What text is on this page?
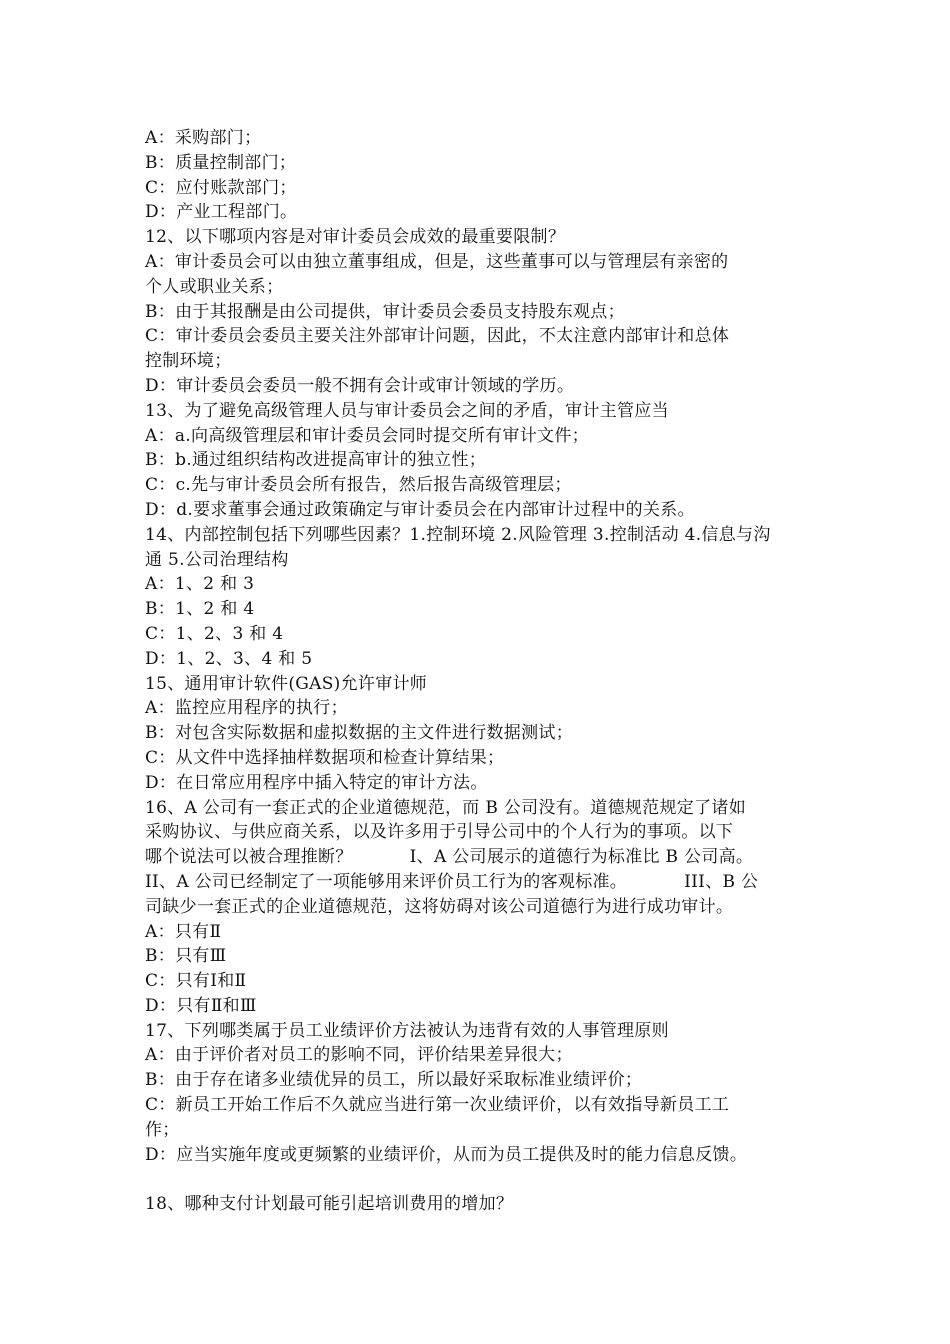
A：采购部门；

B：质量控制部门；

C：应付账款部门；

D：产业工程部门。

12、以下哪项内容是对审计委员会成效的最重要限制？

A：审计委员会可以由独立董事组成，但是，这些董事可以与管理层有亲密的

个人或职业关系；

B：由于其报酬是由公司提供，审计委员会委员支持股东观点；

C：审计委员会委员主要关注外部审计问题，因此，不太注意内部审计和总体

控制环境；

D：审计委员会委员一般不拥有会计或审计领域的学历。

13、为了避免高级管理人员与审计委员会之间的矛盾，审计主管应当

A：a.向高级管理层和审计委员会同时提交所有审计文件；

B：b.通过组织结构改进提高审计的独立性；

C：c.先与审计委员会所有报告，然后报告高级管理层；

D：d.要求董事会通过政策确定与审计委员会在内部审计过程中的关系。

14、内部控制包括下列哪些因素？1.控制环境 2.风险管理 3.控制活动 4.信息与沟

通 5.公司治理结构

A：1、2 和 3

B：1、2 和 4

C：1、2、3 和 4

D：1、2、3、4 和 5

15、通用审计软件(GAS)允许审计师

A：监控应用程序的执行；

B：对包含实际数据和虚拟数据的主文件进行数据测试；

C：从文件中选择抽样数据项和检查计算结果；

D：在日常应用程序中插入特定的审计方法。

16、A 公司有一套正式的企业道德规范，而 B 公司没有。道德规范规定了诸如

采购协议、与供应商关系，以及许多用于引导公司中的个人行为的事项。以下

哪个说法可以被合理推断？          I、A 公司展示的道德行为标准比 B 公司高。

II、A 公司已经制定了一项能够用来评价员工行为的客观标准。          III、B 公

司缺少一套正式的企业道德规范，这将妨碍对该公司道德行为进行成功审计。

A：只有Ⅱ

B：只有Ⅲ

C：只有Ⅰ和Ⅱ

D：只有Ⅱ和Ⅲ

17、下列哪类属于员工业绩评价方法被认为违背有效的人事管理原则

A：由于评价者对员工的影响不同，评价结果差异很大；

B：由于存在诸多业绩优异的员工，所以最好采取标准业绩评价；

C：新员工开始工作后不久就应当进行第一次业绩评价，以有效指导新员工工

作；

D：应当实施年度或更频繁的业绩评价，从而为员工提供及时的能力信息反馈。

18、哪种支付计划最可能引起培训费用的增加？
